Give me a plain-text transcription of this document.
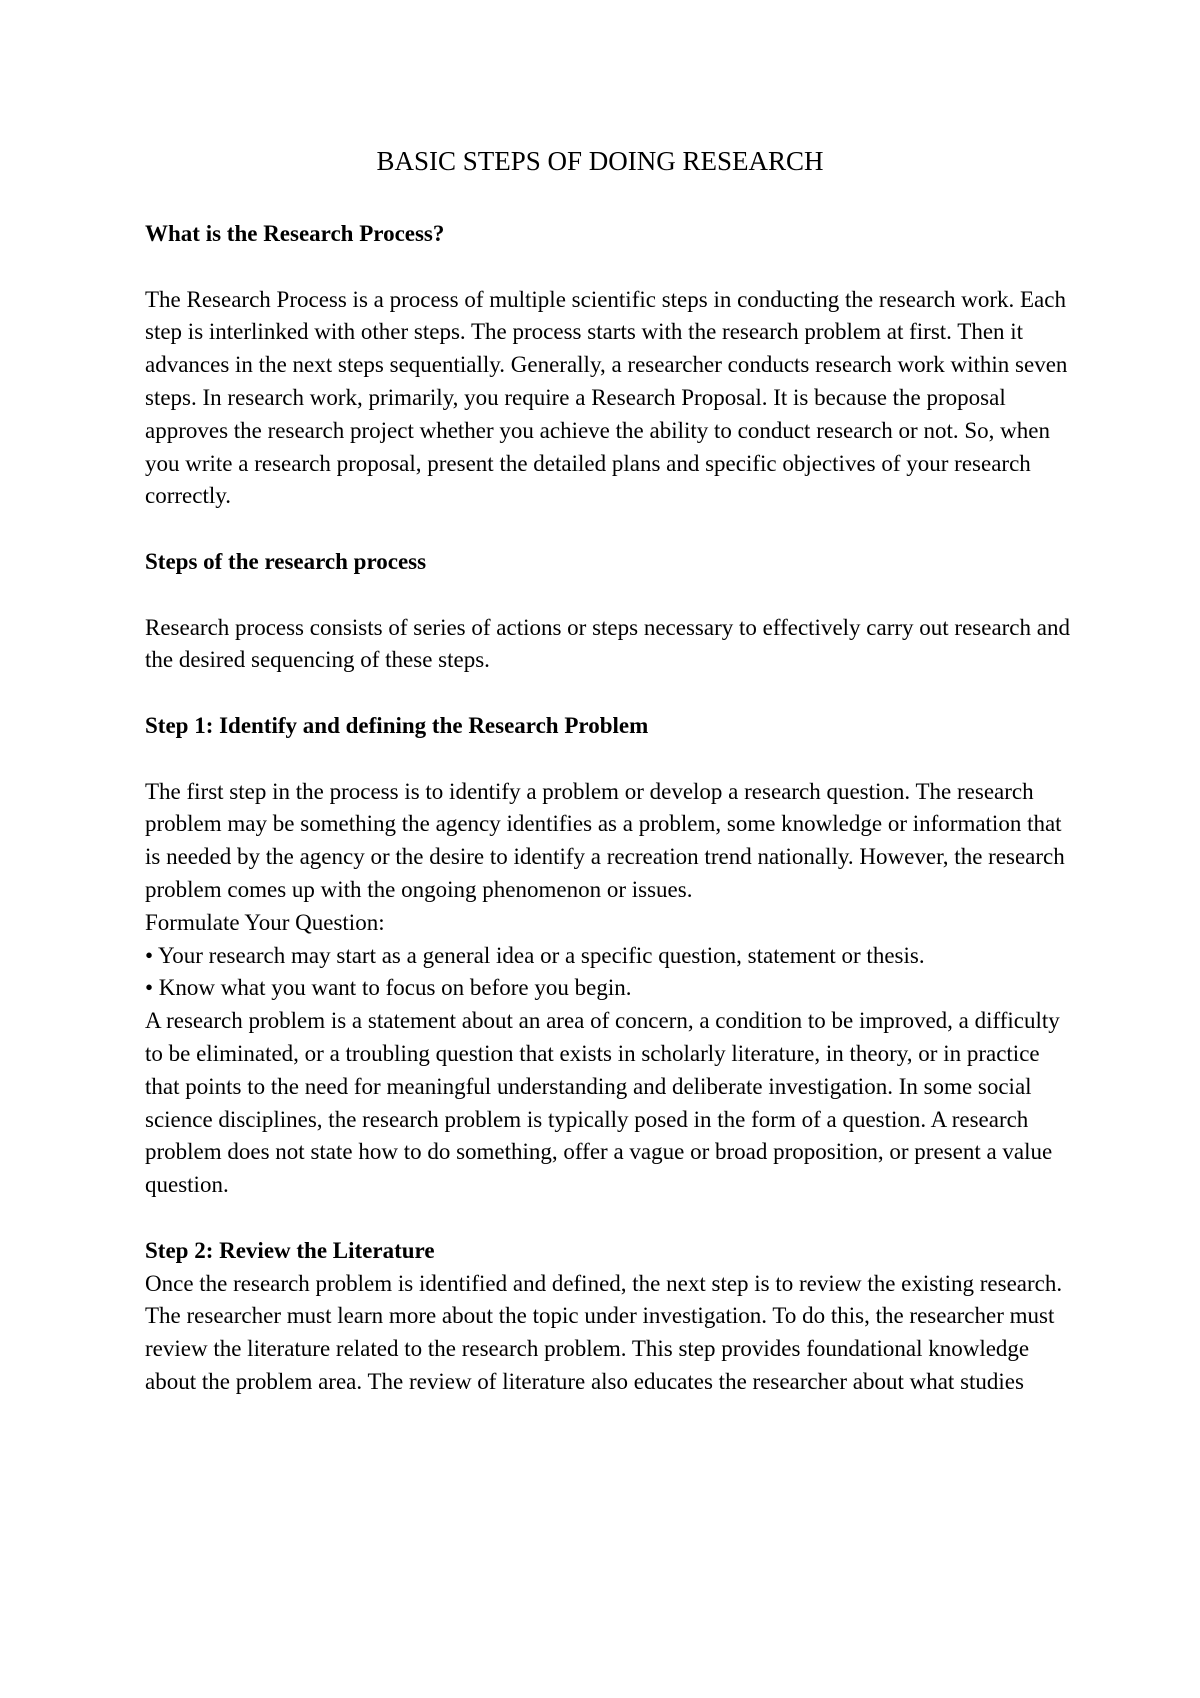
BASIC STEPS OF DOING RESEARCH

What is the Research Process?

The Research Process is a process of multiple scientific steps in conducting the research work. Each step is interlinked with other steps. The process starts with the research problem at first. Then it advances in the next steps sequentially. Generally, a researcher conducts research work within seven steps. In research work, primarily, you require a Research Proposal. It is because the proposal approves the research project whether you achieve the ability to conduct research or not. So, when you write a research proposal, present the detailed plans and specific objectives of your research correctly.

Steps of the research process

Research process consists of series of actions or steps necessary to effectively carry out research and the desired sequencing of these steps.

Step 1: Identify and defining the Research Problem

The first step in the process is to identify a problem or develop a research question. The research problem may be something the agency identifies as a problem, some knowledge or information that is needed by the agency or the desire to identify a recreation trend nationally. However, the research problem comes up with the ongoing phenomenon or issues.

Formulate Your Question:

• Your research may start as a general idea or a specific question, statement or thesis.

• Know what you want to focus on before you begin.

A research problem is a statement about an area of concern, a condition to be improved, a difficulty to be eliminated, or a troubling question that exists in scholarly literature, in theory, or in practice that points to the need for meaningful understanding and deliberate investigation. In some social science disciplines, the research problem is typically posed in the form of a question. A research problem does not state how to do something, offer a vague or broad proposition, or present a value question.

Step 2: Review the Literature

Once the research problem is identified and defined, the next step is to review the existing research. The researcher must learn more about the topic under investigation. To do this, the researcher must review the literature related to the research problem. This step provides foundational knowledge about the problem area. The review of literature also educates the researcher about what studies
